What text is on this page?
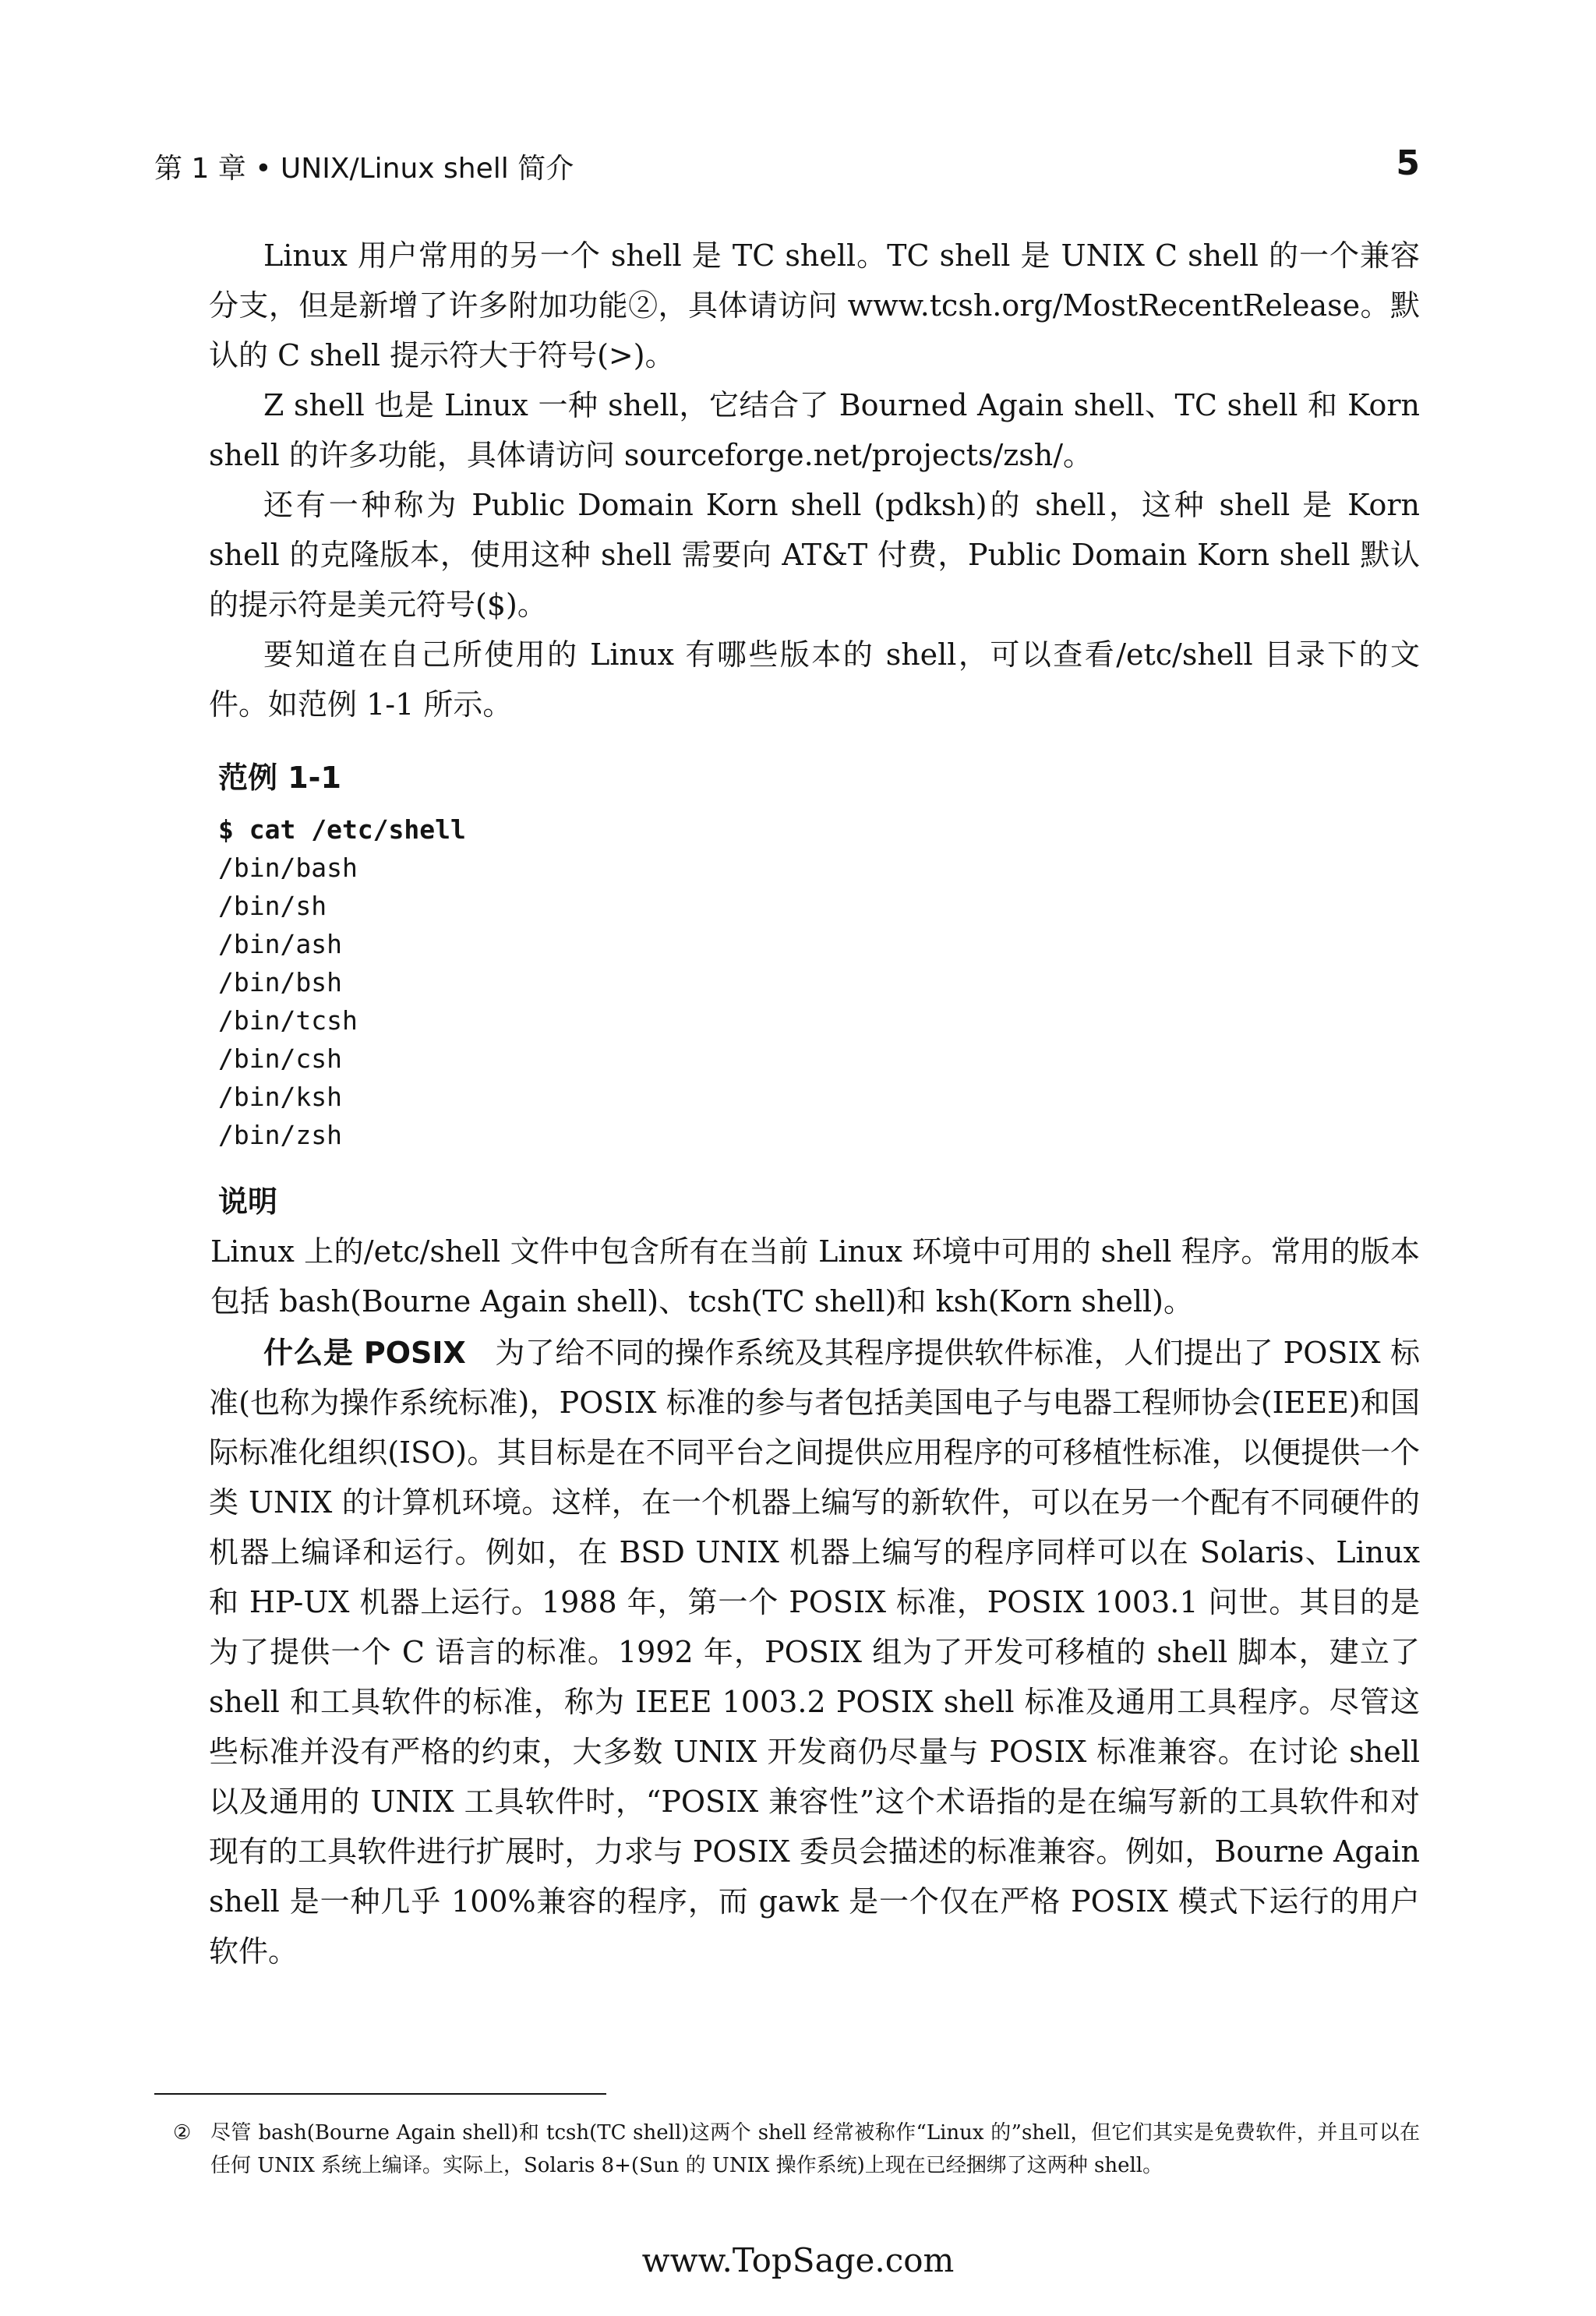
第 1 章 • UNIX/Linux shell 简介	5

Linux 用户常用的另一个 shell 是 TC shell。TC shell 是 UNIX C shell 的一个兼容分支，但是新增了许多附加功能②，具体请访问 www.tcsh.org/MostRecentRelease。默认的 C shell 提示符大于符号(>)。

Z shell 也是 Linux 一种 shell，它结合了 Bourned Again shell、TC shell 和 Korn shell 的许多功能，具体请访问 sourceforge.net/projects/zsh/。

还有一种称为 Public Domain Korn shell (pdksh)的 shell，这种 shell 是 Korn shell 的克隆版本，使用这种 shell 需要向 AT&T 付费，Public Domain Korn shell 默认的提示符是美元符号($)。

要知道在自己所使用的 Linux 有哪些版本的 shell，可以查看/etc/shell 目录下的文件。如范例 1-1 所示。

范例 1-1
$ cat /etc/shell
/bin/bash
/bin/sh
/bin/ash
/bin/bsh
/bin/tcsh
/bin/csh
/bin/ksh
/bin/zsh
说明
Linux 上的/etc/shell 文件中包含所有在当前 Linux 环境中可用的 shell 程序。常用的版本包括 bash(Bourne Again shell)、tcsh(TC shell)和 ksh(Korn shell)。

什么是 POSIX 为了给不同的操作系统及其程序提供软件标准，人们提出了 POSIX 标准(也称为操作系统标准)，POSIX 标准的参与者包括美国电子与电器工程师协会(IEEE)和国际标准化组织(ISO)。其目标是在不同平台之间提供应用程序的可移植性标准，以便提供一个类 UNIX 的计算机环境。这样，在一个机器上编写的新软件，可以在另一个配有不同硬件的机器上编译和运行。例如，在 BSD UNIX 机器上编写的程序同样可以在 Solaris、Linux 和 HP-UX 机器上运行。1988 年，第一个 POSIX 标准，POSIX 1003.1 问世。其目的是为了提供一个 C 语言的标准。1992 年，POSIX 组为了开发可移植的 shell 脚本，建立了 shell 和工具软件的标准，称为 IEEE 1003.2 POSIX shell 标准及通用工具程序。尽管这些标准并没有严格的约束，大多数 UNIX 开发商仍尽量与 POSIX 标准兼容。在讨论 shell 以及通用的 UNIX 工具软件时，“POSIX 兼容性”这个术语指的是在编写新的工具软件和对现有的工具软件进行扩展时，力求与 POSIX 委员会描述的标准兼容。例如，Bourne Again shell 是一种几乎 100%兼容的程序，而 gawk 是一个仅在严格 POSIX 模式下运行的用户软件。

② 尽管 bash(Bourne Again shell)和 tcsh(TC shell)这两个 shell 经常被称作“Linux 的”shell，但它们其实是免费软件，并且可以在任何 UNIX 系统上编译。实际上，Solaris 8+(Sun 的 UNIX 操作系统)上现在已经捆绑了这两种 shell。
www.TopSage.com
